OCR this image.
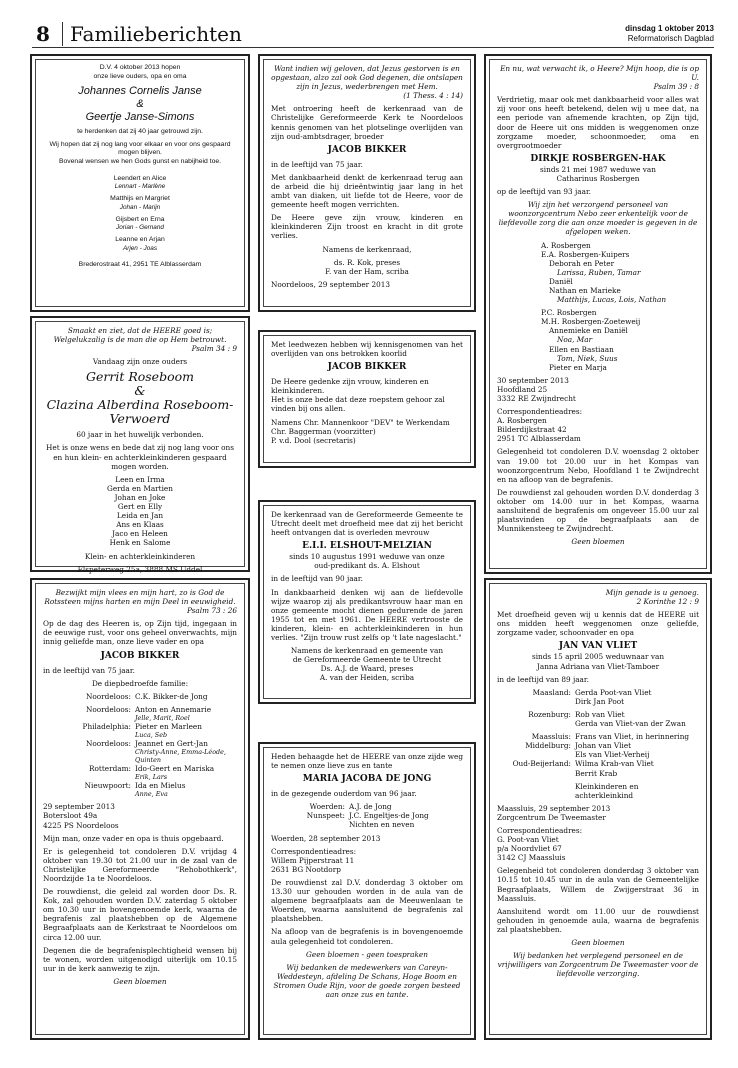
8	Familieberichten	dinsdag 1 oktober 2013
Reformatorisch Dagblad
D.V. 4 oktober 2013 hopen
onze lieve ouders, opa en oma
Johannes Cornelis Janse
&
Geertje Janse-Simons

te herdenken dat zij 40 jaar getrouwd zijn.

Wij hopen dat zij nog lang voor elkaar en voor ons gespaard mogen blijven.

Bovenal wensen we hen Gods gunst en nabijheid toe.

Leendert en Alice

Lennart - Marlène

Matthijs en Margriet

Johan - Marijn

Gijsbert en Erna

Jorian - Gernand

Leanne en Arjan

Arjen - Joas

Brederostraat 41, 2951 TE Alblasserdam
Smaakt en ziet, dat de HEERE goed is; Welgelukzalig is de man die op Hem betrouwt.

Psalm 34 : 9

Vandaag zijn onze ouders

Gerrit Roseboom
&
Clazina Alberdina Roseboom-Verwoerd

60 jaar in het huwelijk verbonden.

Het is onze wens en bede dat zij nog lang voor ons en hun klein- en achterkleinkinderen gespaard mogen worden.

Leen en Irma
Gerda en Martien
Johan en Joke
Gert en Elly
Leida en Jan
Ans en Klaas
Jaco en Heleen

Henk en Salome

Klein- en achterkleinkinderen

Elspeterweg 25a, 3888 MS Uddel
Bezwijkt mijn vlees en mijn hart, zo is God de Rotssteen mijns harten en mijn Deel in eeuwigheid.

Psalm 73 : 26

Op de dag des Heeren is, op Zijn tijd, ingegaan in de eeuwige rust, voor ons geheel onverwachts, mijn innig geliefde man, onze lieve vader en opa

JACOB BIKKER

in de leeftijd van 75 jaar.

De diepbedroefde familie:

Noordeloos: C.K. Bikker-de Jong
Noordeloos: Anton en Annemarie
Jelle, Marit, Roel
Philadelphia: Pieter en Marleen
Luca, Seb
Noordeloos: Jeannet en Gert-Jan
Christy-Anne, Emma-Léode, Quinten
Rotterdam: Ido-Geert en Mariska
Erik, Lars
Nieuwpoort: Ida en Mielus
Anne, Eva
29 september 2013
Botersloot 49a

4225 PS Noordeloos

Mijn man, onze vader en opa is thuis opgebaard.

Er is gelegenheid tot condoleren D.V. vrijdag 4 oktober van 19.30 tot 21.00 uur in de zaal van de Christelijke Gereformeerde "Rehobothkerk", Noordzijde 1a te Noordeloos.

De rouwdienst, die geleid zal worden door Ds. R. Kok, zal gehouden worden D.V. zaterdag 5 oktober om 10.30 uur in bovengenoemde kerk, waarna de begrafenis zal plaatshebben op de Algemene Begraafplaats aan de Kerkstraat te Noordeloos om circa 12.00 uur.

Degenen die de begrafenisplechtigheid wensen bij te wonen, worden uitgenodigd uiterlijk om 10.15 uur in de kerk aanwezig te zijn.

Geen bloemen
Want indien wij geloven, dat Jezus gestorven is en opgestaan, alzo zal ook God degenen, die ontslapen zijn in Jezus, wederbrengen met Hem.

(1 Thess. 4 : 14)

Met ontroering heeft de kerkenraad van de Christelijke Gereformeerde Kerk te Noordeloos kennis genomen van het plotselinge overlijden van zijn oud-ambtsdrager, broeder

JACOB BIKKER

in de leeftijd van 75 jaar.

Met dankbaarheid denkt de kerkenraad terug aan de arbeid die hij drieëntwintig jaar lang in het ambt van diaken, uit liefde tot de Heere, voor de gemeente heeft mogen verrichten.

De Heere geve zijn vrouw, kinderen en kleinkinderen Zijn troost en kracht in dit grote verlies.

Namens de kerkenraad,

ds. R. Kok, preses

F. van der Ham, scriba

Noordeloos, 29 september 2013

Met leedwezen hebben wij kennisgenomen van het overlijden van ons betrokken koorlid

JACOB BIKKER

De Heere gedenke zijn vrouw, kinderen en kleinkinderen.

Het is onze bede dat deze roepstem gehoor zal vinden bij ons allen.

Namens Chr. Mannenkoor "DEV" te Werkendam
Chr. Baggerman (voorzitter)
P. v.d. Dool (secretaris)

De kerkenraad van de Gereformeerde Gemeente te Utrecht deelt met droefheid mee dat zij het bericht heeft ontvangen dat is overleden mevrouw

E.I.I. ELSHOUT-MELZIAN
sinds 10 augustus 1991 weduwe van onze

oud-predikant ds. A. Elshout

in de leeftijd van 90 jaar.

In dankbaarheid denken wij aan de liefdevolle wijze waarop zij als predikantsvrouw haar man en onze gemeente mocht dienen gedurende de jaren 1955 tot en met 1961. De HEERE vertrooste de kinderen, klein- en achterkleinkinderen in hun verlies. "Zijn trouw rust zelfs op 't late nageslacht."

Namens de kerkenraad en gemeente van
de Gereformeerde Gemeente te Utrecht
Ds. A.J. de Waard, preses
A. van der Heiden, scriba

Heden behaagde het de HEERE van onze zijde weg te nemen onze lieve zus en tante

MARIA JACOBA DE JONG

in de gezegende ouderdom van 96 jaar.

Woerden: A.J. de Jong
Nunspeet: J.C. Engeltjes-de Jong
Nichten en neven

Woerden, 28 september 2013

Correspondentieadres:
Willem Pijperstraat 11

2631 BG Nootdorp

De rouwdienst zal D.V. donderdag 3 oktober om 13.30 uur gehouden worden in de aula van de algemene begraafplaats aan de Meeuwenlaan te Woerden, waarna aansluitend de begrafenis zal plaatshebben.

Na afloop van de begrafenis is in bovengenoemde aula gelegenheid tot condoleren.

Geen bloemen - geen toespraken

Wij bedanken de medewerkers van Careyn-Weddesteyn, afdeling De Schans, Hoge Boom en Stromen Oude Rijn, voor de goede zorgen besteed aan onze zus en tante.
En nu, wat verwacht ik, o Heere? Mijn hoop, die is op U.

Psalm 39 : 8

Verdrietig, maar ook met dankbaarheid voor alles wat zij voor ons heeft betekend, delen wij u mee dat, na een periode van afnemende krachten, op Zijn tijd, door de Heere uit ons midden is weggenomen onze zorgzame moeder, schoonmoeder, oma en overgrootmoeder

DIRKJE ROSBERGEN-HAK
sinds 21 mei 1987 weduwe van

Catharinus Rosbergen

op de leeftijd van 93 jaar.

Wij zijn het verzorgend personeel van woonzorgcentrum Nebo zeer erkentelijk voor de liefdevolle zorg die aan onze moeder is gegeven in de afgelopen weken.

A. Rosbergen
E.A. Rosbergen-Kuipers
Deborah en Peter
Larissa, Ruben, Tamar
Daniël
Nathan en Marieke
Matthijs, Lucas, Lois, Nathan
P.C. Rosbergen
M.H. Rosbergen-Zoeteweij
Annemieke en Daniël
Noa, Mar
Ellen en Bastiaan
Tom, Niek, Suus
Pieter en Marja
30 september 2013
Hoofdland 25

3332 RE Zwijndrecht

Correspondentieadres:
A. Rosbergen
Bilderdijkstraat 42

2951 TC Alblasserdam

Gelegenheid tot condoleren D.V. woensdag 2 oktober van 19.00 tot 20.00 uur in het Kompas van woonzorgcentrum Nebo, Hoofdland 1 te Zwijndrecht en na afloop van de begrafenis.

De rouwdienst zal gehouden worden D.V. donderdag 3 oktober om 14.00 uur in het Kompas, waarna aansluitend de begrafenis om ongeveer 15.00 uur zal plaatsvinden op de begraafplaats aan de Munnikensteeg te Zwijndrecht.

Geen bloemen
Mijn genade is u genoeg.

2 Korinthe 12 : 9

Met droefheid geven wij u kennis dat de HEERE uit ons midden heeft weggenomen onze geliefde, zorgzame vader, schoonvader en opa

JAN VAN VLIET
sinds 15 april 2005 weduwnaar van

Janna Adriana van Vliet-Tamboer

in de leeftijd van 89 jaar.

Maasland: Gerda Poot-van Vliet
Dirk Jan Poot
Rozenburg: Rob van Vliet
Gerda van Vliet-van der Zwan
Maassluis: Frans van Vliet, in herinnering
Middelburg: Johan van Vliet
Els van Vliet-Verheij
Oud-Beijerland: Wilma Krab-van Vliet
Berrit Krab
Kleinkinderen en
achterkleinkind
Maassluis, 29 september 2013

Zorgcentrum De Tweemaster

Correspondentieadres:
G. Poot-van Vliet
p/a Noordvliet 67

3142 CJ Maassluis

Gelegenheid tot condoleren donderdag 3 oktober van 10.15 tot 10.45 uur in de aula van de Gemeentelijke Begraafplaats, Willem de Zwijgerstraat 36 in Maassluis.

Aansluitend wordt om 11.00 uur de rouwdienst gehouden in genoemde aula, waarna de begrafenis zal plaatshebben.

Geen bloemen

Wij bedanken het verplegend personeel en de vrijwilligers van Zorgcentrum De Tweemaster voor de liefdevolle verzorging.
